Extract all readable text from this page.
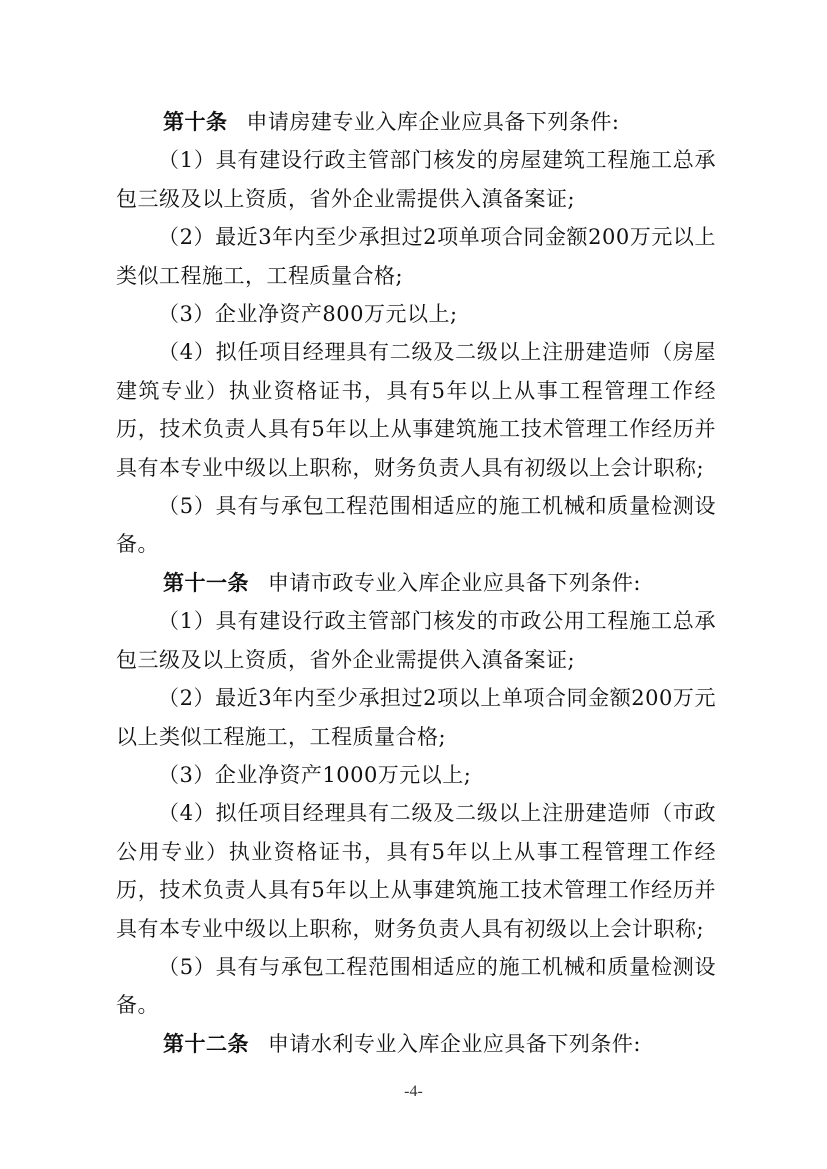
第十条 申请房建专业入库企业应具备下列条件:

（1）具有建设行政主管部门核发的房屋建筑工程施工总承包三级及以上资质，省外企业需提供入滇备案证;

（2）最近3年内至少承担过2项单项合同金额200万元以上类似工程施工，工程质量合格;

（3）企业净资产800万元以上;

（4）拟任项目经理具有二级及二级以上注册建造师（房屋建筑专业）执业资格证书，具有5年以上从事工程管理工作经历，技术负责人具有5年以上从事建筑施工技术管理工作经历并具有本专业中级以上职称，财务负责人具有初级以上会计职称;

（5）具有与承包工程范围相适应的施工机械和质量检测设备。

第十一条 申请市政专业入库企业应具备下列条件:

（1）具有建设行政主管部门核发的市政公用工程施工总承包三级及以上资质，省外企业需提供入滇备案证;

（2）最近3年内至少承担过2项以上单项合同金额200万元以上类似工程施工，工程质量合格;

（3）企业净资产1000万元以上;

（4）拟任项目经理具有二级及二级以上注册建造师（市政公用专业）执业资格证书，具有5年以上从事工程管理工作经历，技术负责人具有5年以上从事建筑施工技术管理工作经历并具有本专业中级以上职称，财务负责人具有初级以上会计职称;

（5）具有与承包工程范围相适应的施工机械和质量检测设备。

第十二条 申请水利专业入库企业应具备下列条件:

-4-
